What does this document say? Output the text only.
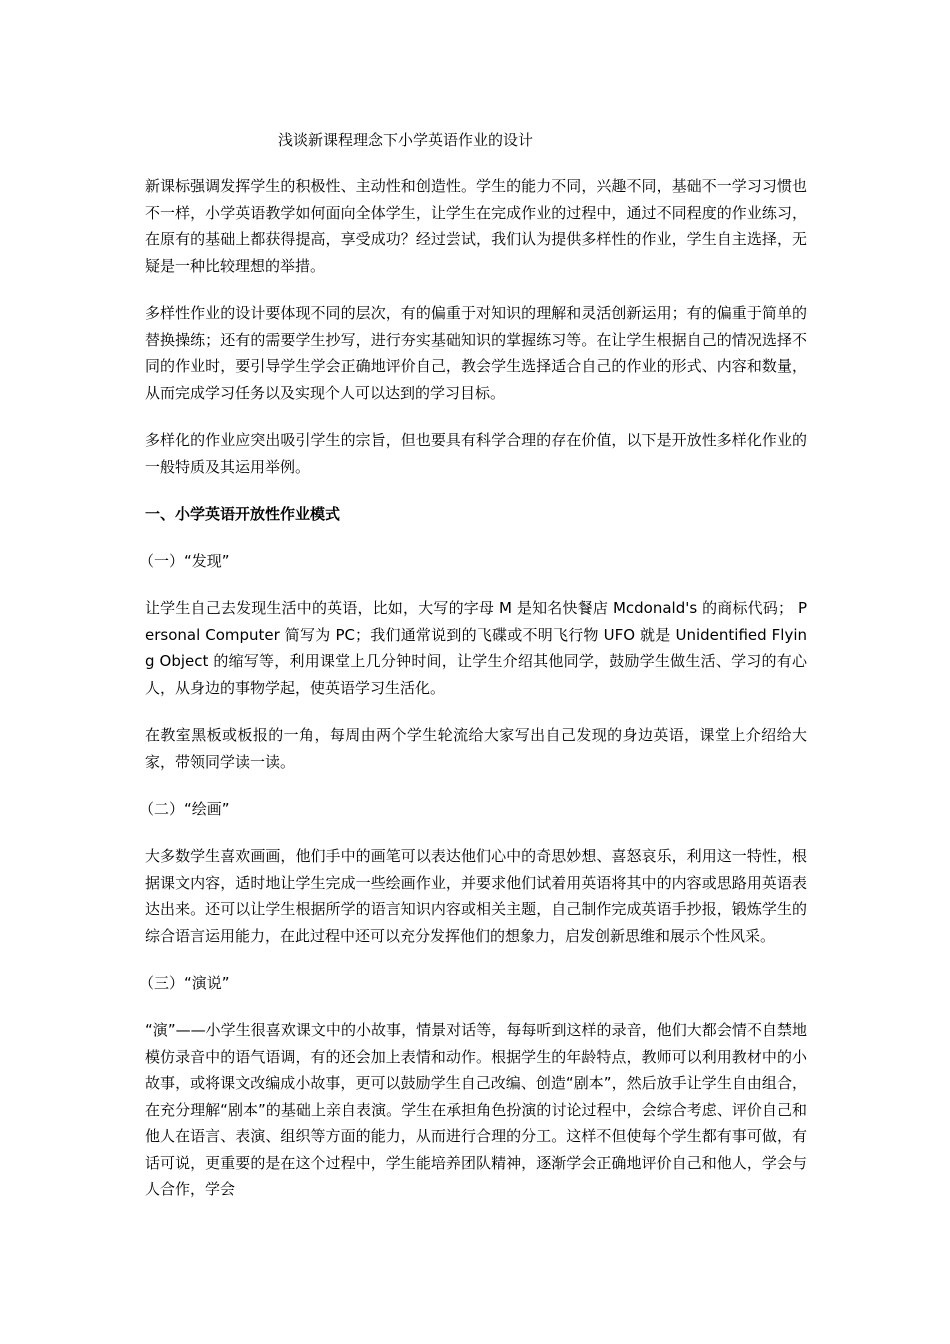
浅谈新课程理念下小学英语作业的设计

新课标强调发挥学生的积极性、主动性和创造性。学生的能力不同，兴趣不同，基础不一学习习惯也不一样，小学英语教学如何面向全体学生，让学生在完成作业的过程中，通过不同程度的作业练习，在原有的基础上都获得提高，享受成功？经过尝试，我们认为提供多样性的作业，学生自主选择，无疑是一种比较理想的举措。

多样性作业的设计要体现不同的层次，有的偏重于对知识的理解和灵活创新运用；有的偏重于简单的替换操练；还有的需要学生抄写，进行夯实基础知识的掌握练习等。在让学生根据自己的情况选择不同的作业时，要引导学生学会正确地评价自己，教会学生选择适合自己的作业的形式、内容和数量，从而完成学习任务以及实现个人可以达到的学习目标。

多样化的作业应突出吸引学生的宗旨，但也要具有科学合理的存在价值，以下是开放性多样化作业的一般特质及其运用举例。

一、小学英语开放性作业模式
（一）“发现”

让学生自己去发现生活中的英语，比如，大写的字母 M 是知名快餐店 Mcdonald's 的商标代码； Personal Computer 简写为 PC；我们通常说到的飞碟或不明飞行物 UFO 就是 Unidentified Flying Object 的缩写等，利用课堂上几分钟时间，让学生介绍其他同学，鼓励学生做生活、学习的有心人，从身边的事物学起，使英语学习生活化。

在教室黑板或板报的一角，每周由两个学生轮流给大家写出自己发现的身边英语，课堂上介绍给大家，带领同学读一读。

（二）“绘画”

大多数学生喜欢画画，他们手中的画笔可以表达他们心中的奇思妙想、喜怒哀乐，利用这一特性，根据课文内容，适时地让学生完成一些绘画作业，并要求他们试着用英语将其中的内容或思路用英语表达出来。还可以让学生根据所学的语言知识内容或相关主题，自己制作完成英语手抄报，锻炼学生的综合语言运用能力，在此过程中还可以充分发挥他们的想象力，启发创新思维和展示个性风采。

（三）“演说”

“演”——小学生很喜欢课文中的小故事，情景对话等，每每听到这样的录音，他们大都会情不自禁地模仿录音中的语气语调，有的还会加上表情和动作。根据学生的年龄特点，教师可以利用教材中的小故事，或将课文改编成小故事，更可以鼓励学生自己改编、创造“剧本”，然后放手让学生自由组合，在充分理解“剧本”的基础上亲自表演。学生在承担角色扮演的讨论过程中，会综合考虑、评价自己和他人在语言、表演、组织等方面的能力，从而进行合理的分工。这样不但使每个学生都有事可做，有话可说，更重要的是在这个过程中，学生能培养团队精神，逐渐学会正确地评价自己和他人，学会与人合作，学会
